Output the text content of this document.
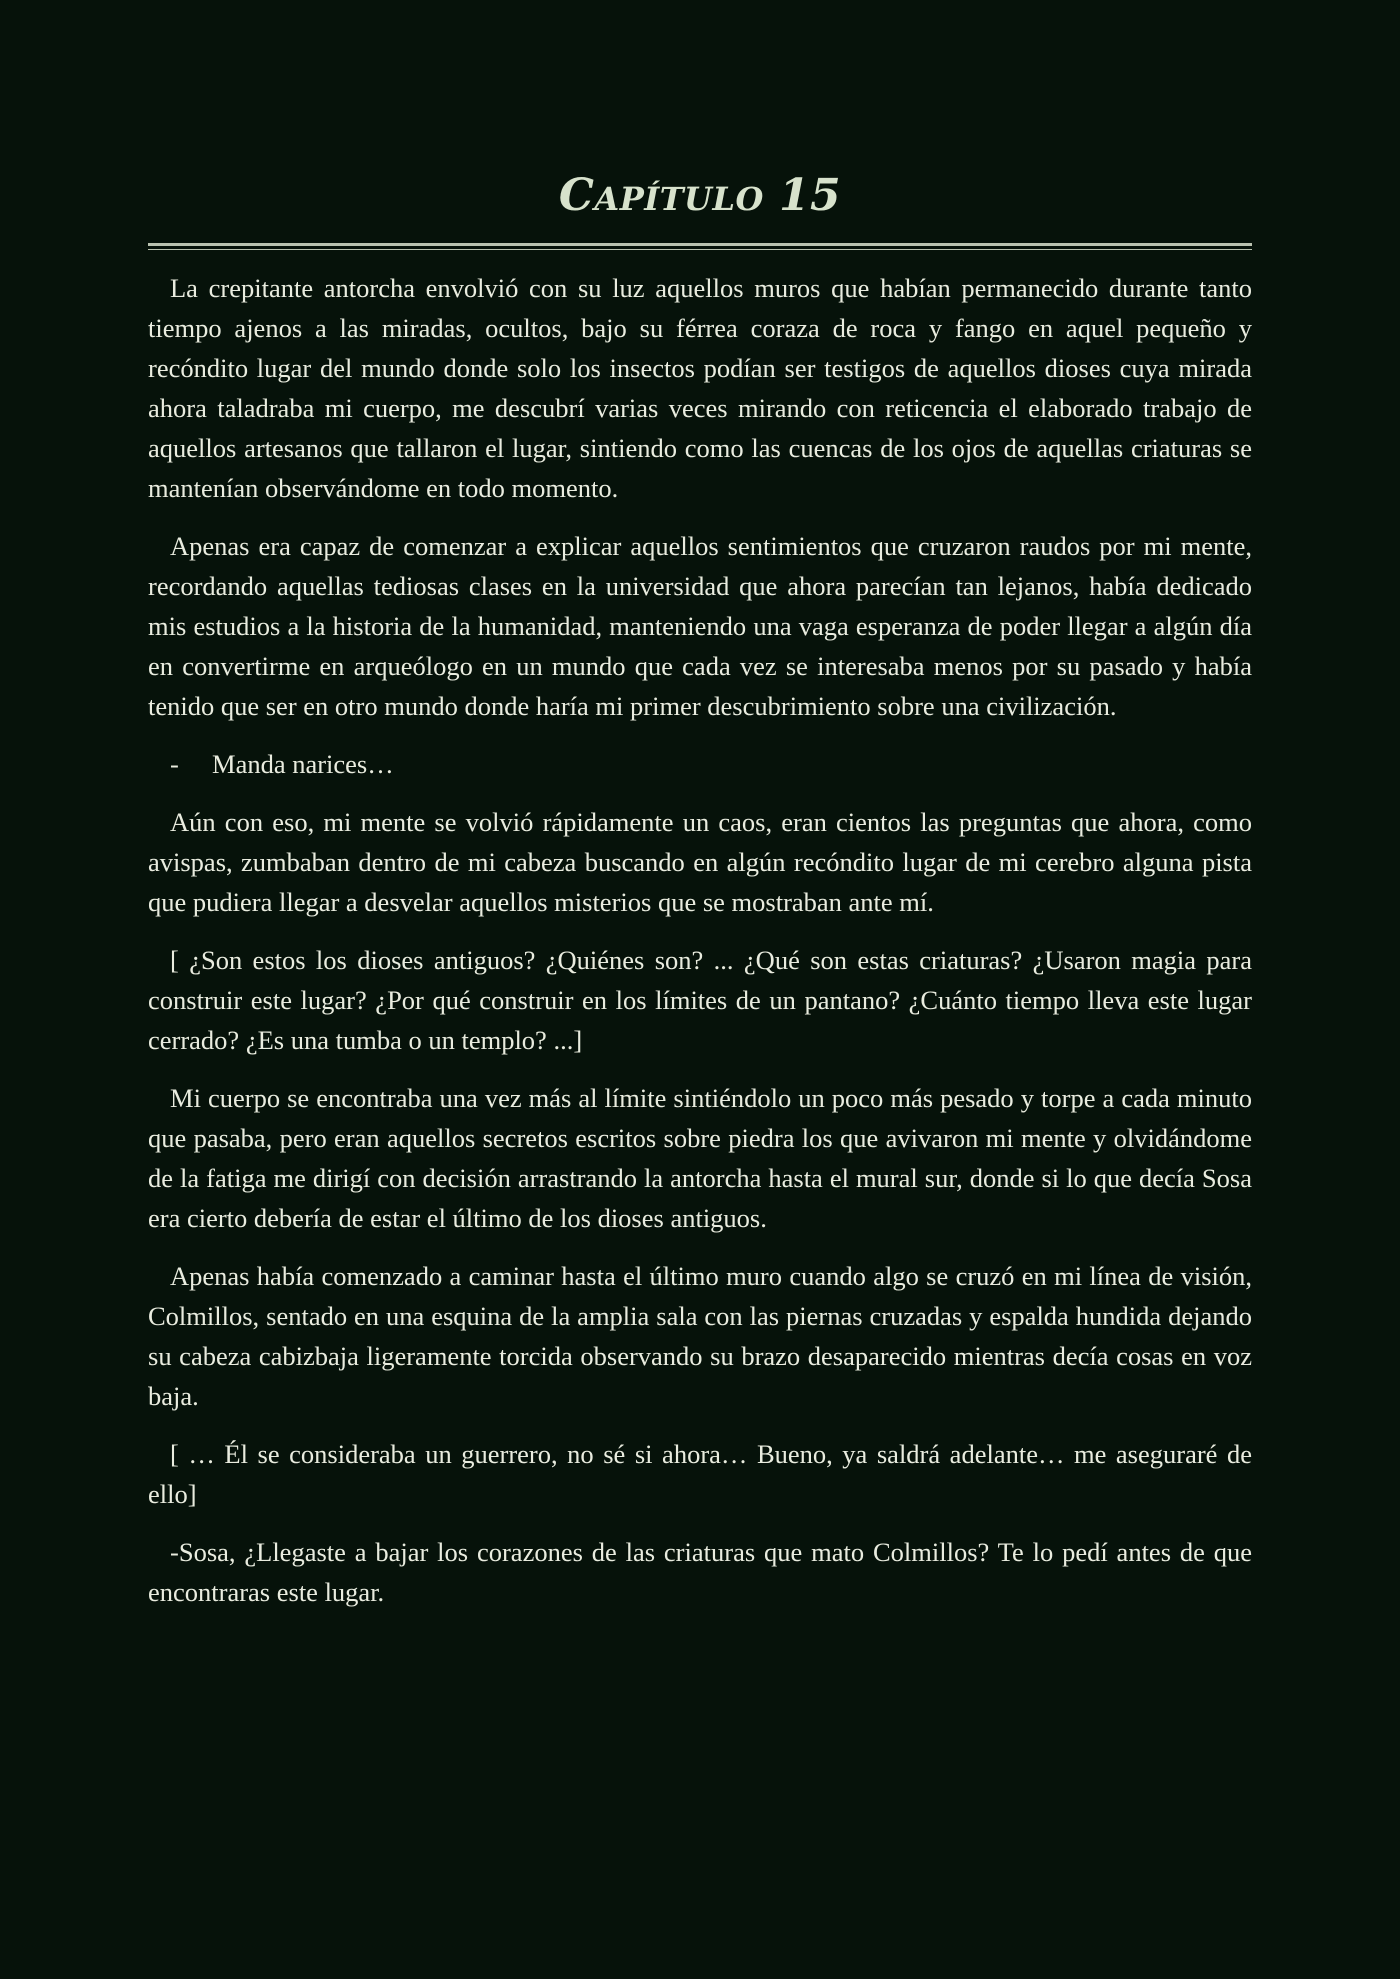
CAPÍTULO 15

La crepitante antorcha envolvió con su luz aquellos muros que habían permanecido durante tanto tiempo ajenos a las miradas, ocultos, bajo su férrea coraza de roca y fango en aquel pequeño y recóndito lugar del mundo donde solo los insectos podían ser testigos de aquellos dioses cuya mirada ahora taladraba mi cuerpo, me descubrí varias veces mirando con reticencia el elaborado trabajo de aquellos artesanos que tallaron el lugar, sintiendo como las cuencas de los ojos de aquellas criaturas se mantenían observándome en todo momento.

Apenas era capaz de comenzar a explicar aquellos sentimientos que cruzaron raudos por mi mente, recordando aquellas tediosas clases en la universidad que ahora parecían tan lejanos, había dedicado mis estudios a la historia de la humanidad, manteniendo una vaga esperanza de poder llegar a algún día en convertirme en arqueólogo en un mundo que cada vez se interesaba menos por su pasado y había tenido que ser en otro mundo donde haría mi primer descubrimiento sobre una civilización.

-	Manda narices…

Aún con eso, mi mente se volvió rápidamente un caos, eran cientos las preguntas que ahora, como avispas, zumbaban dentro de mi cabeza buscando en algún recóndito lugar de mi cerebro alguna pista que pudiera llegar a desvelar aquellos misterios que se mostraban ante mí.

[ ¿Son estos los dioses antiguos? ¿Quiénes son? ... ¿Qué son estas criaturas? ¿Usaron magia para construir este lugar? ¿Por qué construir en los límites de un pantano? ¿Cuánto tiempo lleva este lugar cerrado? ¿Es una tumba o un templo? ...]

Mi cuerpo se encontraba una vez más al límite sintiéndolo un poco más pesado y torpe a cada minuto que pasaba, pero eran aquellos secretos escritos sobre piedra los que avivaron mi mente y olvidándome de la fatiga me dirigí con decisión arrastrando la antorcha hasta el mural sur, donde si lo que decía Sosa era cierto debería de estar el último de los dioses antiguos.

Apenas había comenzado a caminar hasta el último muro cuando algo se cruzó en mi línea de visión, Colmillos, sentado en una esquina de la amplia sala con las piernas cruzadas y espalda hundida dejando su cabeza cabizbaja ligeramente torcida observando su brazo desaparecido mientras decía cosas en voz baja.

[ … Él se consideraba un guerrero, no sé si ahora… Bueno, ya saldrá adelante… me aseguraré de ello]

-Sosa, ¿Llegaste a bajar los corazones de las criaturas que mato Colmillos? Te lo pedí antes de que encontraras este lugar.
